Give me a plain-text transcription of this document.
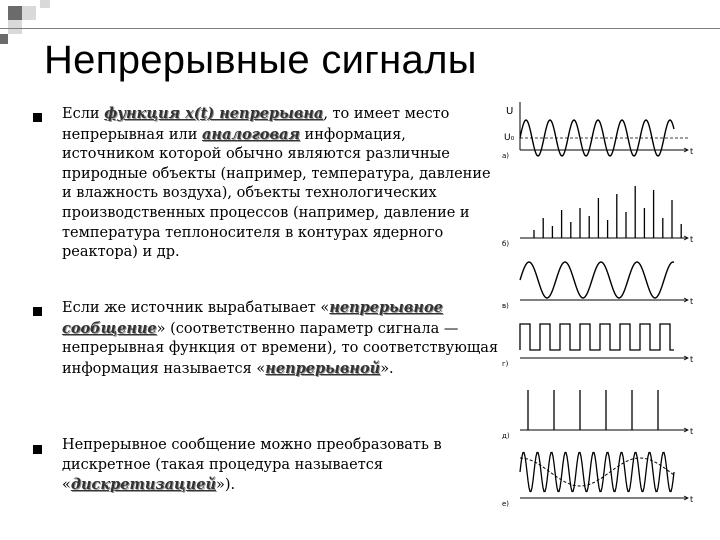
Непрерывные сигналы
Если функция x(t) непрерывна, то имеет место непрерывная или аналоговая информация, источником которой обычно являются различные природные объекты (например, температура, давление и влажность воздуха), объекты технологических производственных процессов (например, давление и температура теплоносителя в контурах ядерного реактора) и др.
Если же источник вырабатывает «непрерывное сообщение» (соответственно параметр сигнала — непрерывная функция от времени), то соответствующая информация называется «непрерывной».
Непрерывное сообщение можно преобразовать в дискретное (такая процедура называется «дискретизацией»).
t
а)
t
б)
t
в)
t
г)
t
д)
t
е)
U
U₀
